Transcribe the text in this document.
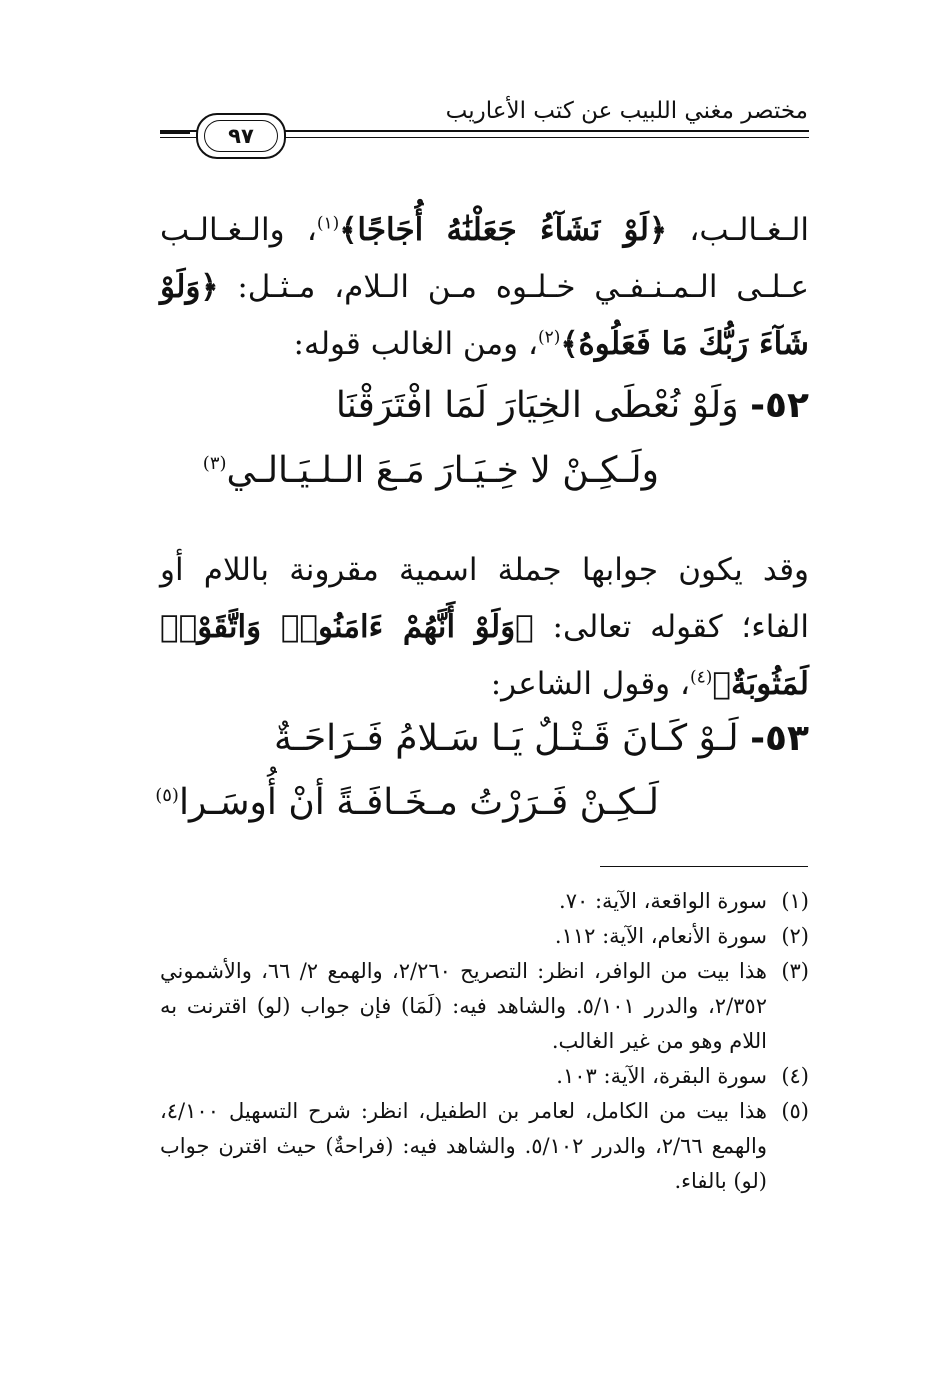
مختصر مغني اللبيب عن كتب الأعاريب
٩٧
الـغـالـب، ﴿لَوْ نَشَآءُ جَعَلْنَٰهُ أُجَاجًا﴾$^{(١)}$، والـغـالـب عـلـى الـمـنـفـي خـلـوه مـن الـلام، مـثـل: ﴿وَلَوْ شَآءَ رَبُّكَ مَا فَعَلُوهُ﴾$^{(٢)}$، ومن الغالب قوله:
٥٢- وَلَوْ نُعْطَى الخِيَارَ لَمَا افْتَرَقْنَا
ولَـكِـنْ لا خِـيَـارَ مَـعَ الـلـيَـالـي$^{(٣)}$
وقد يكون جوابها جملة اسمية مقرونة باللام أو الفاء؛ كقوله تعالى: ﴿وَلَوْ أَنَّهُمْ ءَامَنُوا۟ وَاتَّقَوْا۟ لَمَثُوبَةٌ﴾$^{(٤)}$، وقول الشاعر:
٥٣- لَـوْ كَـانَ قَـتْـلٌ يَـا سَـلامُ فَـرَاحَـةٌ
لَـكِـنْ فَـرَرْتُ مـخَـافَـةً أنْ أُوسَـرا$^{(٥)}$
(١)
سورة الواقعة، الآية: ٧٠.
(٢)
سورة الأنعام، الآية: ١١٢.
(٣)
هذا بيت من الوافر، انظر: التصريح ٢/٢٦٠، والهمع ٢/ ٦٦، والأشموني ٢/٣٥٢، والدرر ٥/١٠١. والشاهد فيه: (لَمَا) فإن جواب (لو) اقترنت به اللام وهو من غير الغالب.
(٤)
سورة البقرة، الآية: ١٠٣.
(٥)
هذا بيت من الكامل، لعامر بن الطفيل، انظر: شرح التسهيل ٤/١٠٠، والهمع ٢/٦٦، والدرر ٥/١٠٢. والشاهد فيه: (فراحةٌ) حيث اقترن جواب (لو) بالفاء.
